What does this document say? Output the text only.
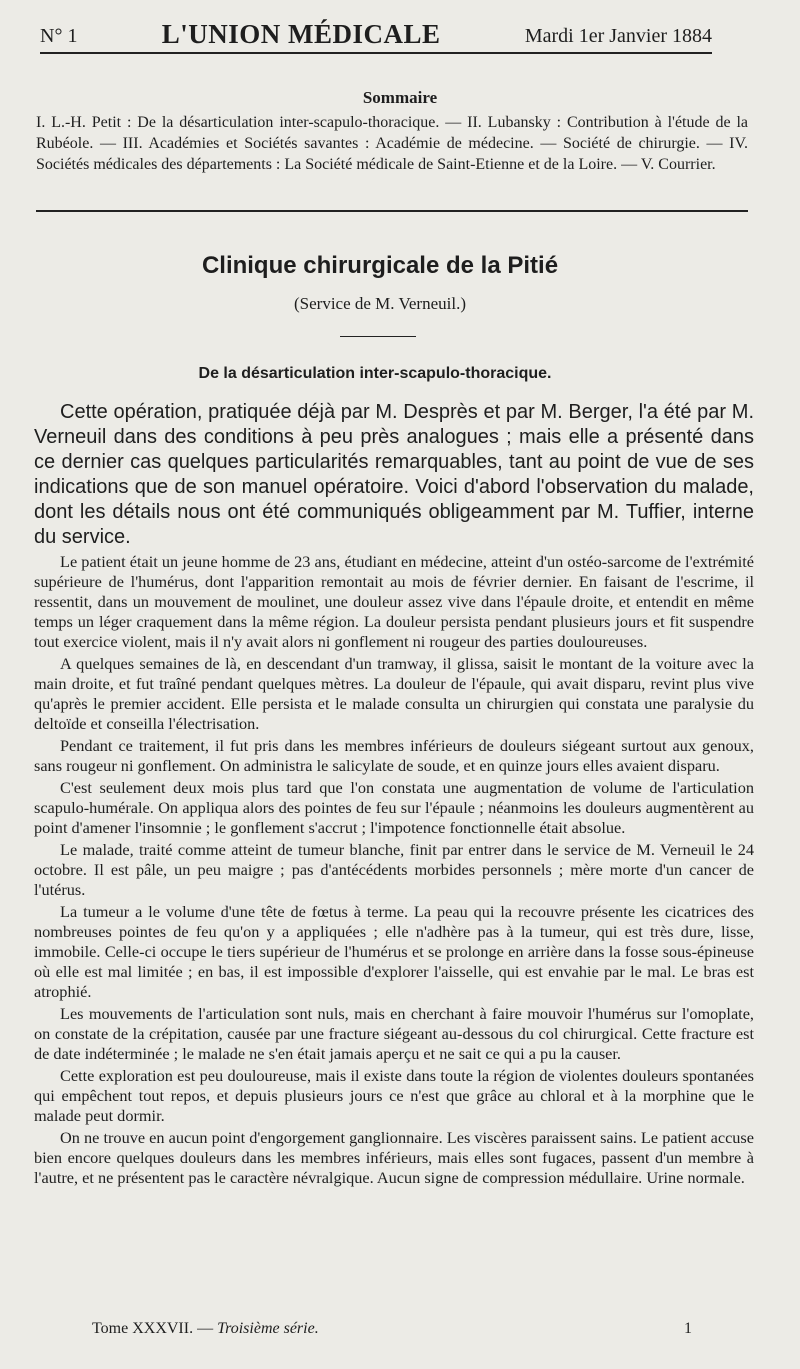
N° 1	L'UNION MÉDICALE	Mardi 1er Janvier 1884
Sommaire
I. L.-H. Petit : De la désarticulation inter-scapulo-thoracique. — II. Lubansky : Contribution à l'étude de la Rubéole. — III. Académies et Sociétés savantes : Académie de médecine. — Société de chirurgie. — IV. Sociétés médicales des départements : La Société médicale de Saint-Etienne et de la Loire. — V. Courrier.
Clinique chirurgicale de la Pitié
(Service de M. Verneuil.)
De la désarticulation inter-scapulo-thoracique.
Cette opération, pratiquée déjà par M. Desprès et par M. Berger, l'a été par M. Verneuil dans des conditions à peu près analogues ; mais elle a présenté dans ce dernier cas quelques particularités remarquables, tant au point de vue de ses indications que de son manuel opératoire. Voici d'abord l'observation du malade, dont les détails nous ont été communiqués obligeamment par M. Tuffier, interne du service.

Le patient était un jeune homme de 23 ans, étudiant en médecine, atteint d'un ostéo-sarcome de l'extrémité supérieure de l'humérus, dont l'apparition remontait au mois de février dernier. En faisant de l'escrime, il ressentit, dans un mouvement de moulinet, une douleur assez vive dans l'épaule droite, et entendit en même temps un léger craquement dans la même région. La douleur persista pendant plusieurs jours et fit suspendre tout exercice violent, mais il n'y avait alors ni gonflement ni rougeur des parties douloureuses.

A quelques semaines de là, en descendant d'un tramway, il glissa, saisit le montant de la voiture avec la main droite, et fut traîné pendant quelques mètres. La douleur de l'épaule, qui avait disparu, revint plus vive qu'après le premier accident. Elle persista et le malade consulta un chirurgien qui constata une paralysie du deltoïde et conseilla l'électrisation.

Pendant ce traitement, il fut pris dans les membres inférieurs de douleurs siégeant surtout aux genoux, sans rougeur ni gonflement. On administra le salicylate de soude, et en quinze jours elles avaient disparu.

C'est seulement deux mois plus tard que l'on constata une augmentation de volume de l'articulation scapulo-humérale. On appliqua alors des pointes de feu sur l'épaule ; néanmoins les douleurs augmentèrent au point d'amener l'insomnie ; le gonflement s'accrut ; l'impotence fonctionnelle était absolue.

Le malade, traité comme atteint de tumeur blanche, finit par entrer dans le service de M. Verneuil le 24 octobre. Il est pâle, un peu maigre ; pas d'antécédents morbides personnels ; mère morte d'un cancer de l'utérus.

La tumeur a le volume d'une tête de fœtus à terme. La peau qui la recouvre présente les cicatrices des nombreuses pointes de feu qu'on y a appliquées ; elle n'adhère pas à la tumeur, qui est très dure, lisse, immobile. Celle-ci occupe le tiers supérieur de l'humérus et se prolonge en arrière dans la fosse sous-épineuse où elle est mal limitée ; en bas, il est impossible d'explorer l'aisselle, qui est envahie par le mal. Le bras est atrophié.

Les mouvements de l'articulation sont nuls, mais en cherchant à faire mouvoir l'humérus sur l'omoplate, on constate de la crépitation, causée par une fracture siégeant au-dessous du col chirurgical. Cette fracture est de date indéterminée ; le malade ne s'en était jamais aperçu et ne sait ce qui a pu la causer.

Cette exploration est peu douloureuse, mais il existe dans toute la région de violentes douleurs spontanées qui empêchent tout repos, et depuis plusieurs jours ce n'est que grâce au chloral et à la morphine que le malade peut dormir.

On ne trouve en aucun point d'engorgement ganglionnaire. Les viscères paraissent sains. Le patient accuse bien encore quelques douleurs dans les membres inférieurs, mais elles sont fugaces, passent d'un membre à l'autre, et ne présentent pas le caractère névralgique. Aucun signe de compression médullaire. Urine normale.

Tome XXXVII. — Troisième série.	1
